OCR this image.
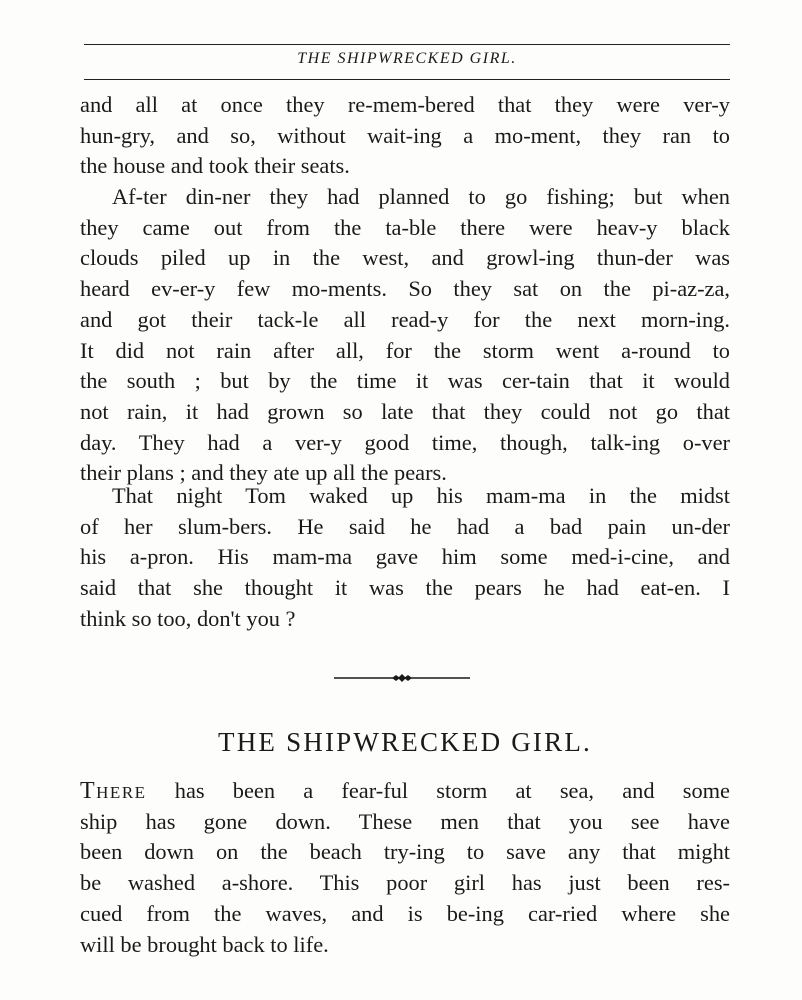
THE SHIPWRECKED GIRL.
and all at once they re-mem-bered that they were ver-y
hun-gry, and so, without wait-ing a mo-ment, they ran to
the house and took their seats.
Af-ter din-ner they had planned to go fishing; but when
they came out from the ta-ble there were heav-y black
clouds piled up in the west, and growl-ing thun-der was
heard ev-er-y few mo-ments. So they sat on the pi-az-za,
and got their tack-le all read-y for the next morn-ing.
It did not rain after all, for the storm went a-round to
the south ; but by the time it was cer-tain that it would
not rain, it had grown so late that they could not go that
day. They had a ver-y good time, though, talk-ing o-ver
their plans ; and they ate up all the pears.
That night Tom waked up his mam-ma in the midst
of her slum-bers. He said he had a bad pain un-der
his a-pron. His mam-ma gave him some med-i-cine, and
said that she thought it was the pears he had eat-en. I
think so too, don't you ?
THE SHIPWRECKED GIRL.
There has been a fear-ful storm at sea, and some
ship has gone down. These men that you see have
been down on the beach try-ing to save any that might
be washed a-shore. This poor girl has just been res-
cued from the waves, and is be-ing car-ried where she
will be brought back to life.
